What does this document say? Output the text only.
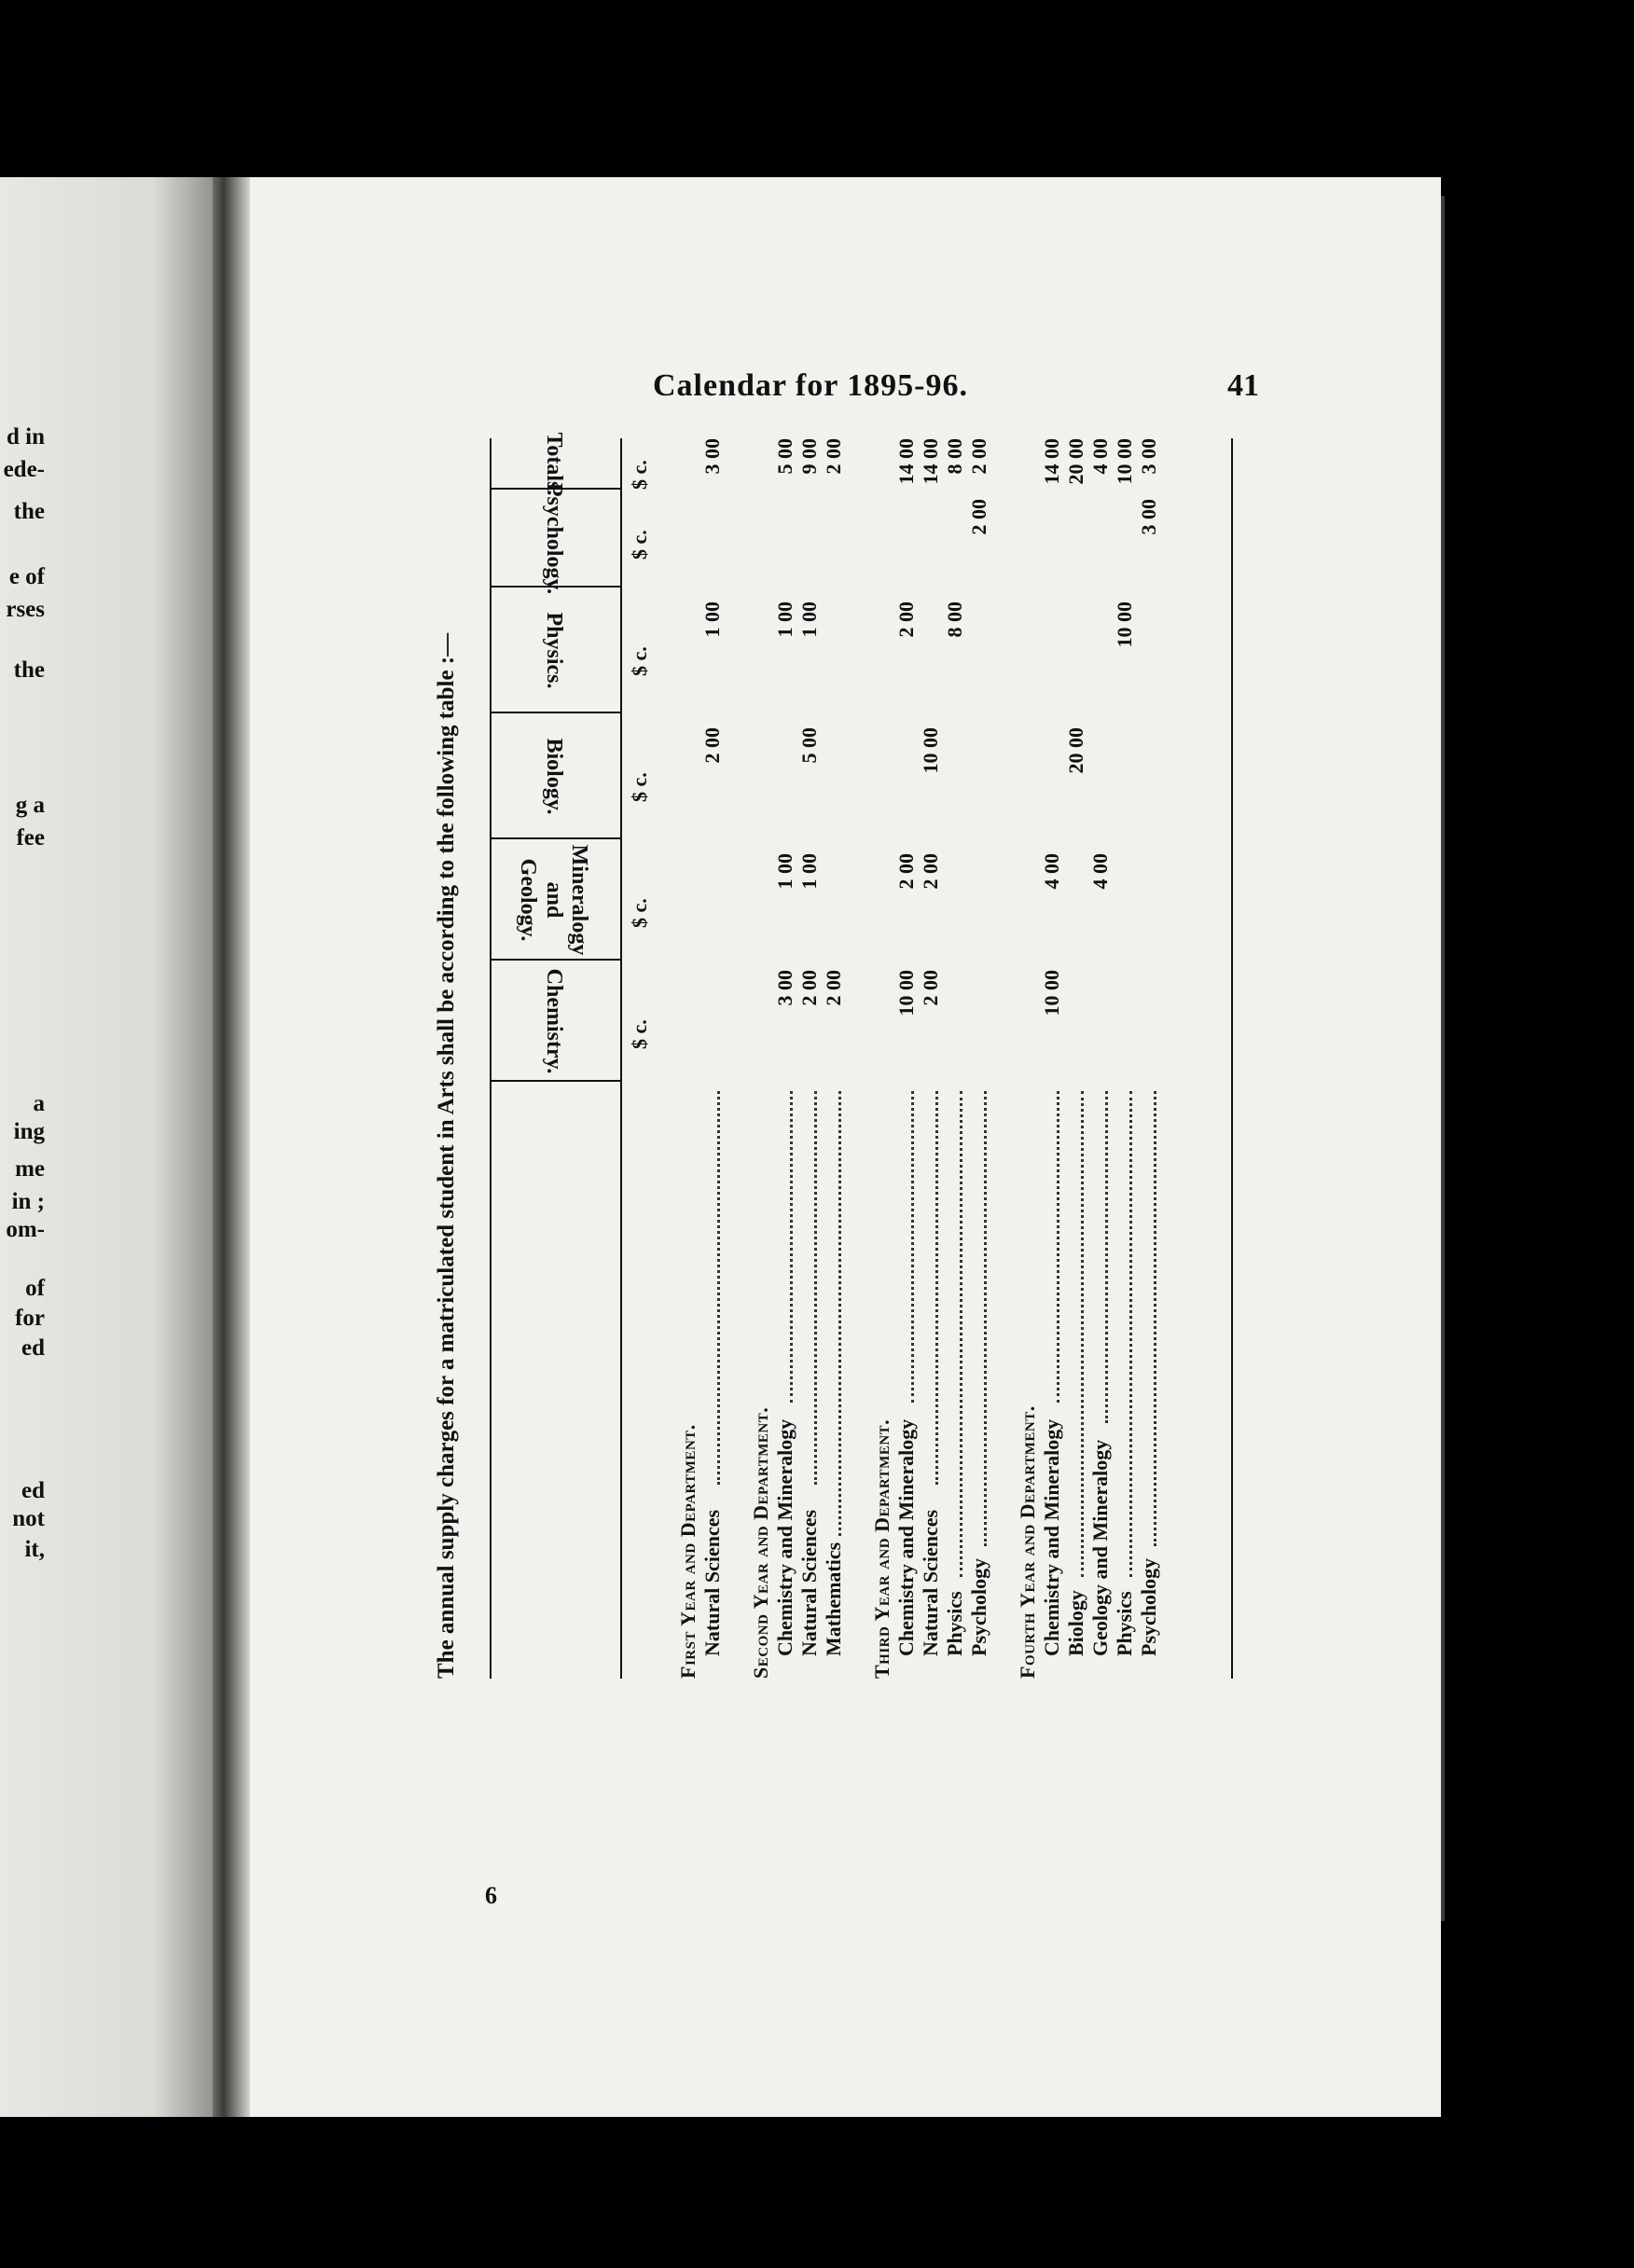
d in
ede-
the
e of
rses
the
g a
fee
a
ing
me
in ;
om-
of
for
ed
ed
not
it,
6
Calendar for 1895-96.	41
The annual supply charges for a matriculated student in Arts shall be according to the following table :—	Chemistry.
Mineralogy
and Geology.
Biology.
Physics.
Psychology.
Totals.
$ c.
$ c.
$ c.
$ c.
$ c.
$ c.
First Year and Department. Natural Sciences
2 00
1 00
3 00
Second Year and Department. Chemistry and Mineralogy
3 00
1 00
1 00
5 00
Natural Sciences
2 00
1 00
5 00
1 00
9 00
Mathematics
2 00
2 00
Third Year and Department. Chemistry and Mineralogy
10 00
2 00
2 00
14 00
Natural Sciences
2 00
2 00
10 00
14 00
Physics
8 00
8 00
Psychology
2 00
2 00
Fourth Year and Department. Chemistry and Mineralogy
10 00
4 00
14 00
Biology
20 00
20 00
Geology and Mineralogy
4 00
4 00
Physics
10 00
10 00
Psychology
3 00
3 00
